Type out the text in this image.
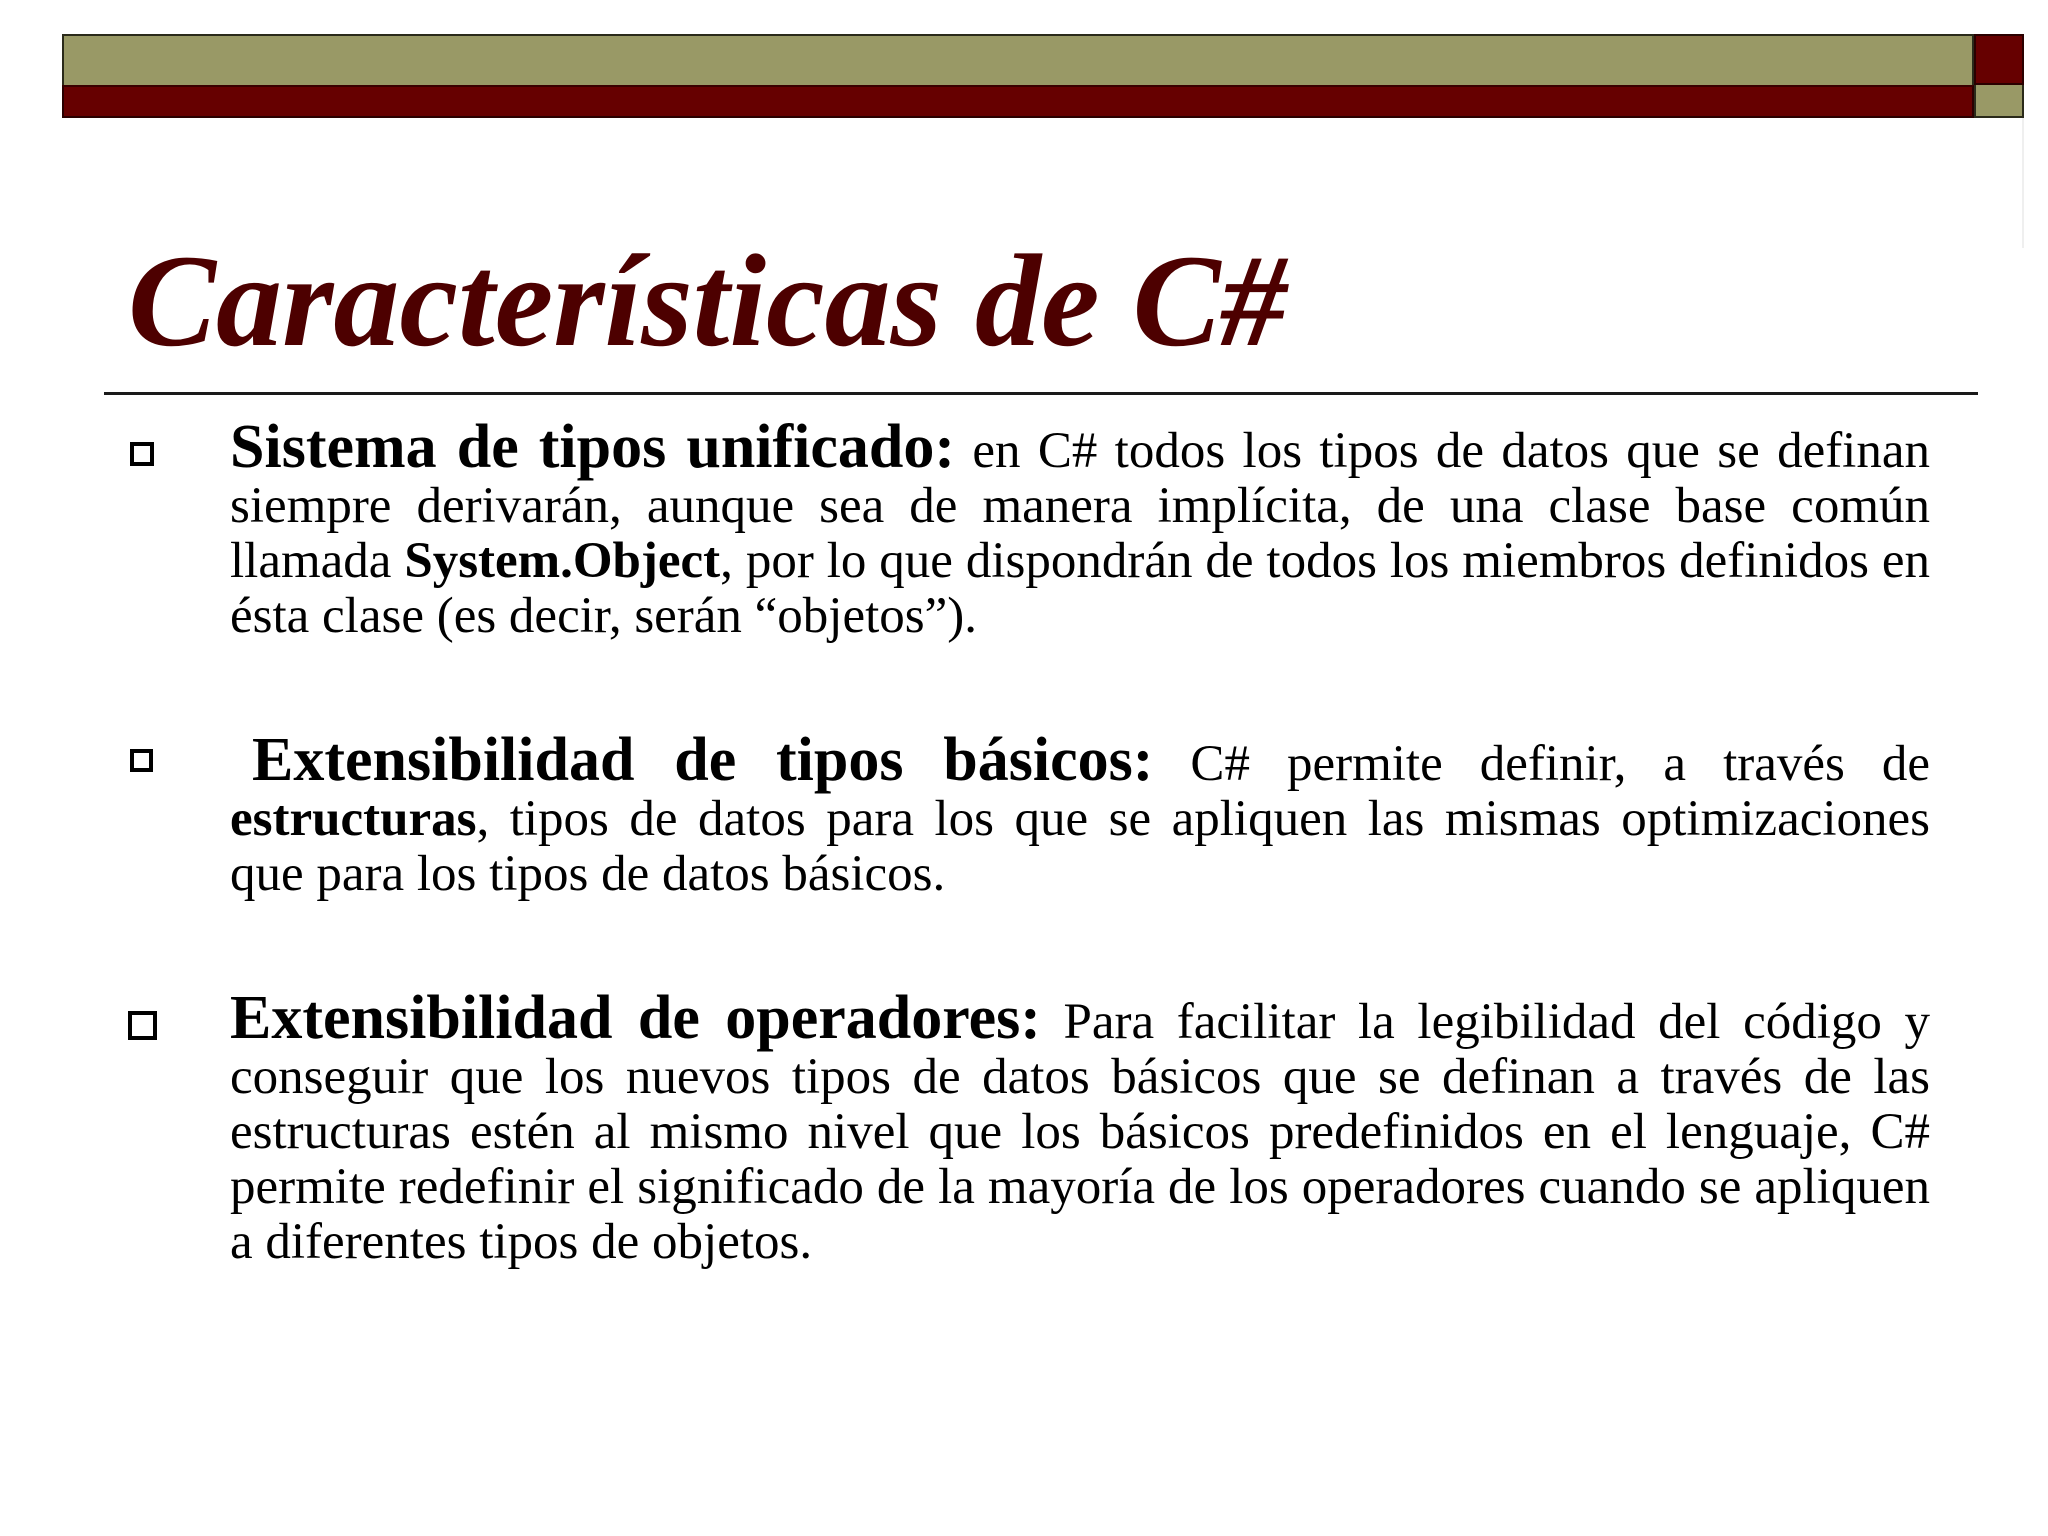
Características de C#

Sistema de tipos unificado: en C# todos los tipos de datos que se definan siempre derivarán, aunque sea de manera implícita, de una clase base común llamada System.Object, por lo que dispondrán de todos los miembros definidos en ésta clase (es decir, serán “objetos”).

Extensibilidad de tipos básicos: C# permite definir, a través de estructuras, tipos de datos para los que se apliquen las mismas optimizaciones que para los tipos de datos básicos.

Extensibilidad de operadores: Para facilitar la legibilidad del código y conseguir que los nuevos tipos de datos básicos que se definan a través de las estructuras estén al mismo nivel que los básicos predefinidos en el lenguaje, C# permite redefinir el significado de la mayoría de los operadores cuando se apliquen a diferentes tipos de objetos.
